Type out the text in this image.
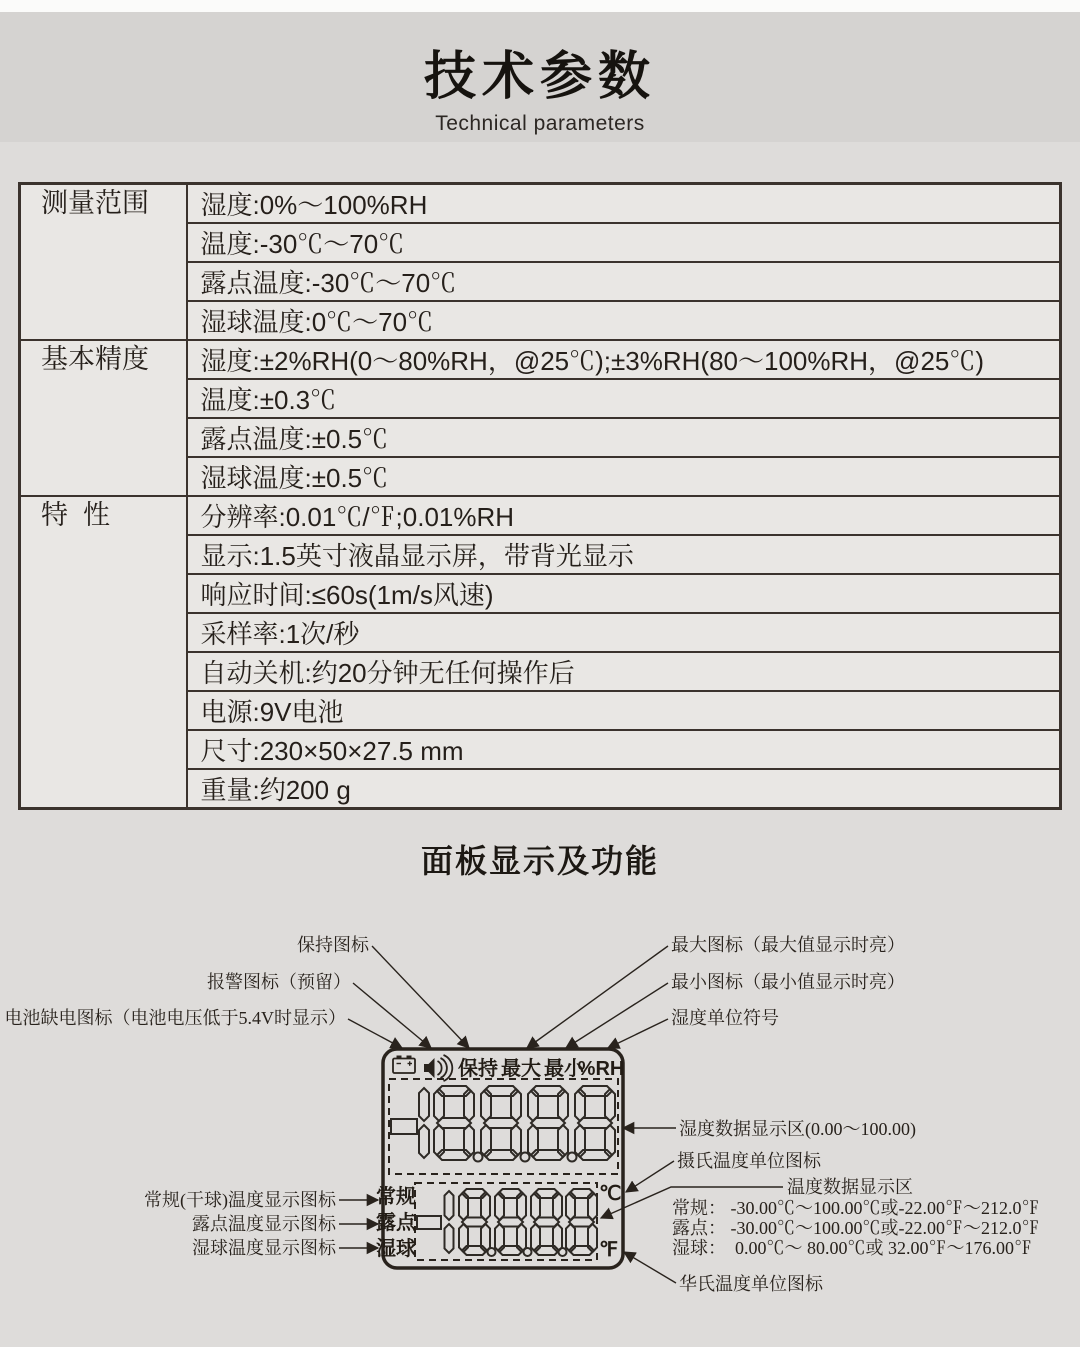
技术参数
Technical parameters
测量范围	湿度:0%～100%RH
	温度:-30℃～70℃
	露点温度:-30℃～70℃
	湿球温度:0℃～70℃
基本精度	湿度:±2%RH(0～80%RH，@25℃);±3%RH(80～100%RH，@25℃)
	温度:±0.3℃
	露点温度:±0.5℃
	湿球温度:±0.5℃
特  性	分辨率:0.01℃/℉;0.01%RH
	显示:1.5英寸液晶显示屏，带背光显示
	响应时间:≤60s(1m/s风速)
	采样率:1次/秒
	自动关机:约20分钟无任何操作后
	电源:9V电池
	尺寸:230×50×27.5 mm
	重量:约200 g
面板显示及功能
保持图标
报警图标（预留）
电池缺电图标（电池电压低于5.4V时显示）
最大图标（最大值显示时亮）
最小图标（最小值显示时亮）
湿度单位符号
湿度数据显示区(0.00～100.00)
摄氏温度单位图标
温度数据显示区
常规： -30.00℃～100.00℃或-22.00℉～212.0℉
露点： -30.00℃～100.00℃或-22.00℉～212.0℉
湿球：  0.00℃～ 80.00℃或 32.00℉～176.00℉
华氏温度单位图标
常规(干球)温度显示图标
露点温度显示图标
湿球温度显示图标
保持 最大 最小
%RH
常规
露点
湿球
℃
℉
